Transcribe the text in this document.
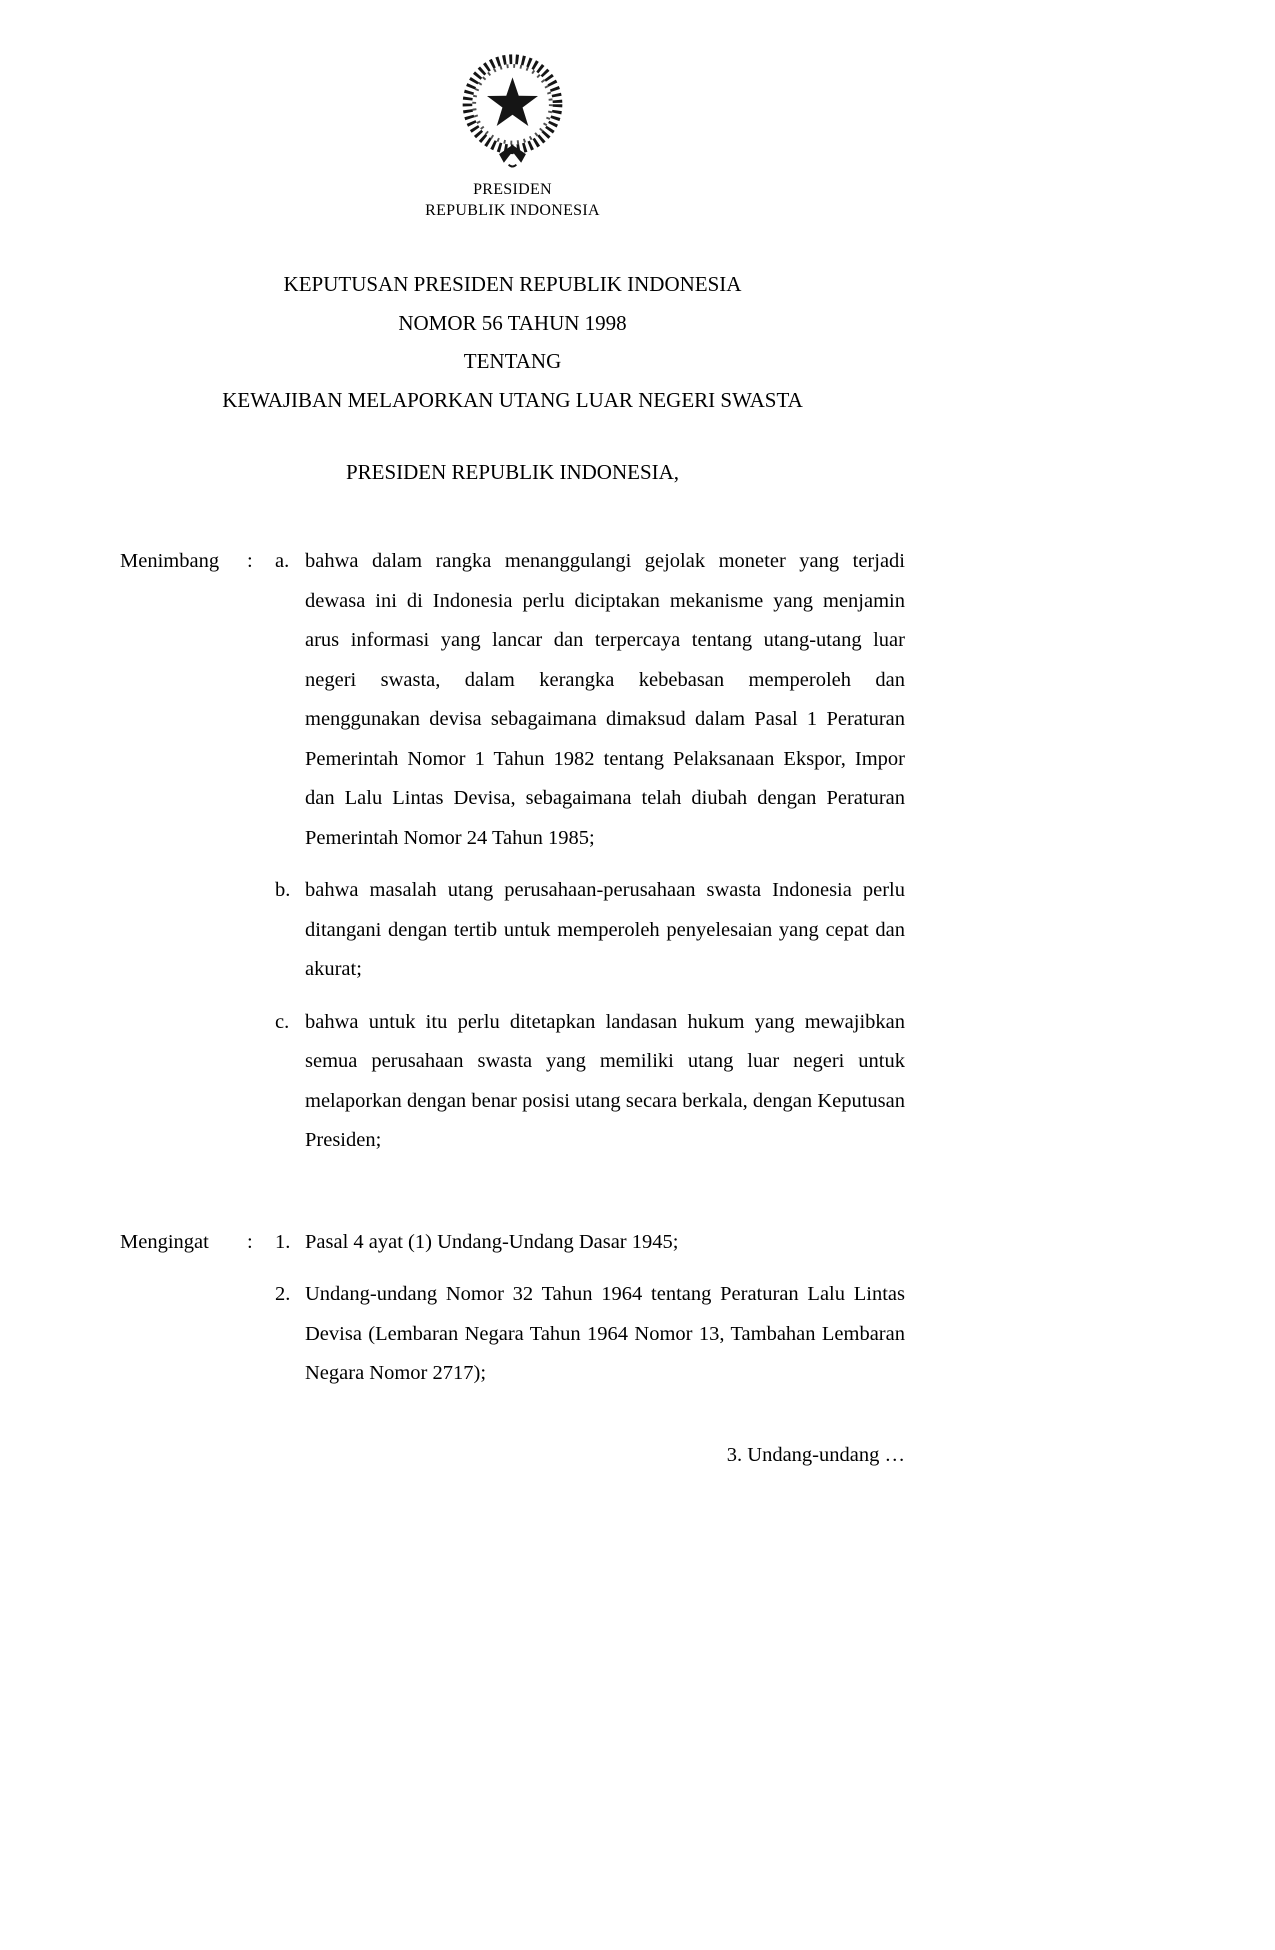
PRESIDEN
REPUBLIK INDONESIA
KEPUTUSAN PRESIDEN REPUBLIK INDONESIA
NOMOR 56 TAHUN 1998
TENTANG
KEWAJIBAN MELAPORKAN UTANG LUAR NEGERI SWASTA
PRESIDEN REPUBLIK INDONESIA,
Menimbang : a. bahwa dalam rangka menanggulangi gejolak moneter yang terjadi dewasa ini di Indonesia perlu diciptakan mekanisme yang menjamin arus informasi yang lancar dan terpercaya tentang utang-utang luar negeri swasta, dalam kerangka kebebasan memperoleh dan menggunakan devisa sebagaimana dimaksud dalam Pasal 1 Peraturan Pemerintah Nomor 1 Tahun 1982 tentang Pelaksanaan Ekspor, Impor dan Lalu Lintas Devisa, sebagaimana telah diubah dengan Peraturan Pemerintah Nomor 24 Tahun 1985;
b. bahwa masalah utang perusahaan-perusahaan swasta Indonesia perlu ditangani dengan tertib untuk memperoleh penyelesaian yang cepat dan akurat;
c. bahwa untuk itu perlu ditetapkan landasan hukum yang mewajibkan semua perusahaan swasta yang memiliki utang luar negeri untuk melaporkan dengan benar posisi utang secara berkala, dengan Keputusan Presiden;
Mengingat : 1. Pasal 4 ayat (1) Undang-Undang Dasar 1945;
2. Undang-undang Nomor 32 Tahun 1964 tentang Peraturan Lalu Lintas Devisa (Lembaran Negara Tahun 1964 Nomor 13, Tambahan Lembaran Negara Nomor 2717);
3. Undang-undang …
